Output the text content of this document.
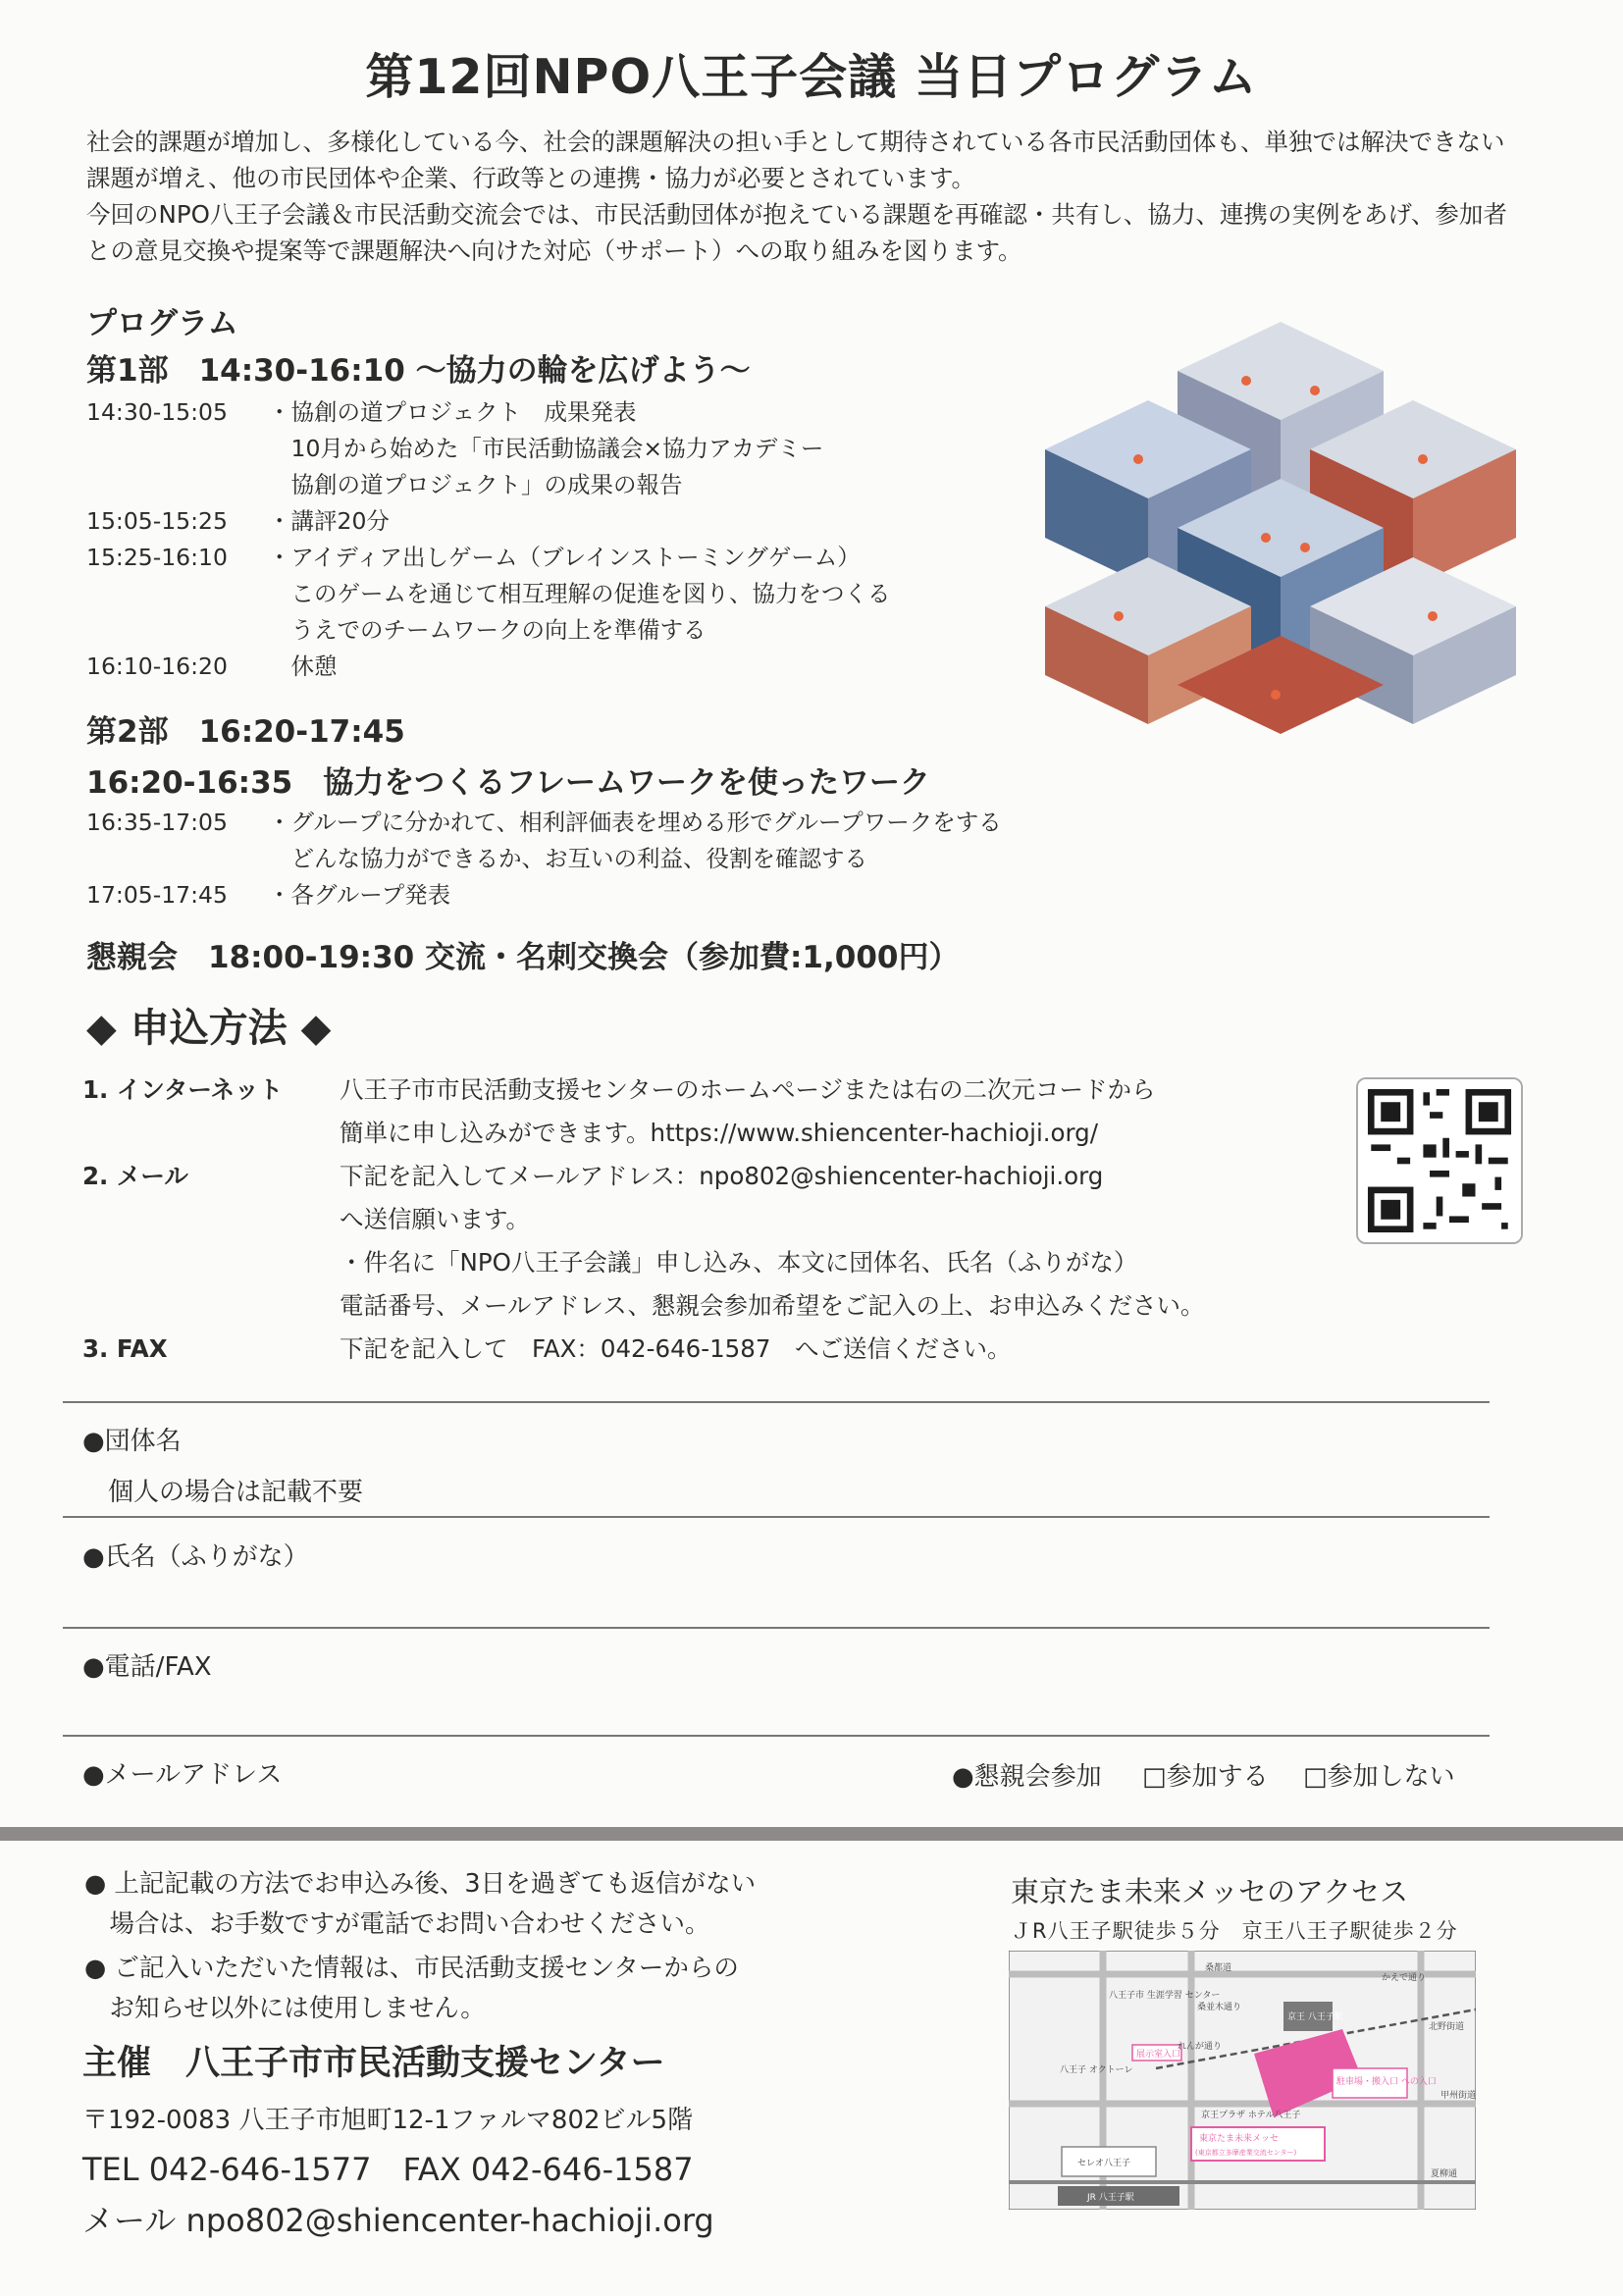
第12回NPO八王子会議 当日プログラム

社会的課題が増加し、多様化している今、社会的課題解決の担い手として期待されている各市民活動団体も、単独では解決できない

課題が増え、他の市民団体や企業、行政等との連携・協力が必要とされています。

今回のNPO八王子会議＆市民活動交流会では、市民活動団体が抱えている課題を再確認・共有し、協力、連携の実例をあげ、参加者

との意見交換や提案等で課題解決へ向けた対応（サポート）への取り組みを図ります。

プログラム
第1部　14:30-16:10 〜協力の輪を広げよう〜
14:30-15:05 ・協創の道プロジェクト　成果発表
　10月から始めた「市民活動協議会×協力アカデミー
　協創の道プロジェクト」の成果の報告
15:05-15:25 ・講評20分
15:25-16:10 ・アイディア出しゲーム（ブレインストーミングゲーム）
　このゲームを通じて相互理解の促進を図り、協力をつくる
　うえでのチームワークの向上を準備する
16:10-16:20　休憩
第2部　16:20-17:45
16:20-16:35　協力をつくるフレームワークを使ったワーク
16:35-17:05 ・グループに分かれて、相利評価表を埋める形でグループワークをする
　どんな協力ができるか、お互いの利益、役割を確認する
17:05-17:45 ・各グループ発表
懇親会　18:00-19:30 交流・名刺交換会（参加費:1,000円）
◆ 申込方法 ◆
1. インターネット 八王子市市民活動支援センターのホームページまたは右の二次元コードから
簡単に申し込みができます。https://www.shiencenter-hachioji.org/
2. メール	下記を記入してメールアドレス：npo802@shiencenter-hachioji.org
へ送信願います。
・件名に「NPO八王子会議」申し込み、本文に団体名、氏名（ふりがな）
電話番号、メールアドレス、懇親会参加希望をご記入の上、お申込みください。
3. FAX	下記を記入して　FAX：042-646-1587　へご送信ください。
●団体名
個人の場合は記載不要
●氏名（ふりがな）
●電話/FAX
●メールアドレス	●懇親会参加 □参加する □参加しない
● 上記記載の方法でお申込み後、3日を過ぎても返信がない
　場合は、お手数ですが電話でお問い合わせください。
● ご記入いただいた情報は、市民活動支援センターからの
　お知らせ以外には使用しません。
主催　八王子市市民活動支援センター
〒192-0083 八王子市旭町12-1ファルマ802ビル5階
TEL 042-646-1577　FAX 042-646-1587
メール npo802@shiencenter-hachioji.org
東京たま未来メッセのアクセス
ＪR八王子駅徒歩５分　京王八王子駅徒歩２分
桑都道
八王子市 生涯学習 センター
京王 八王子駅
かえで通り
北野街道
れんが通り
桑並木通り
八王子 オクトーレ
展示室入口
駐車場・搬入口 への入口
京王プラザ ホテル八王子
東京たま未来メッセ
(東京都立多摩産業交流センター)
セレオ八王子
JR 八王子駅
夏柳通
甲州街道
